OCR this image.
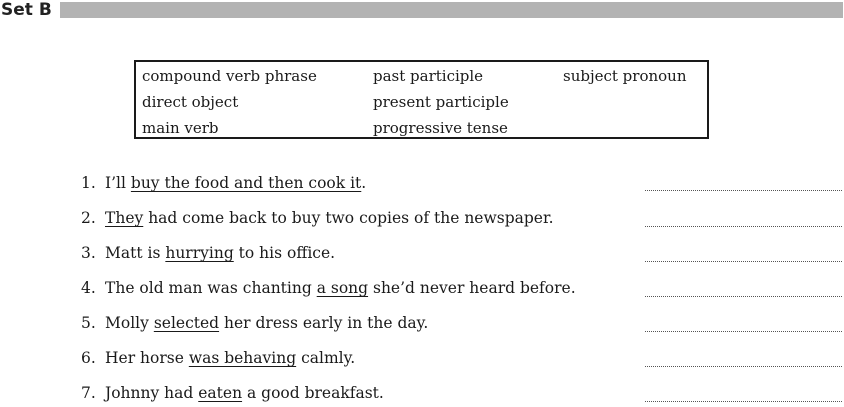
Set B
compound verb phrase	past participle	subject pronoun
direct object	present participle
main verb	progressive tense
1. I’ll buy the food and then cook it.
2. They had come back to buy two copies of the newspaper.
3. Matt is hurrying to his office.
4. The old man was chanting a song she’d never heard before.
5. Molly selected her dress early in the day.
6. Her horse was behaving calmly.
7. Johnny had eaten a good breakfast.
